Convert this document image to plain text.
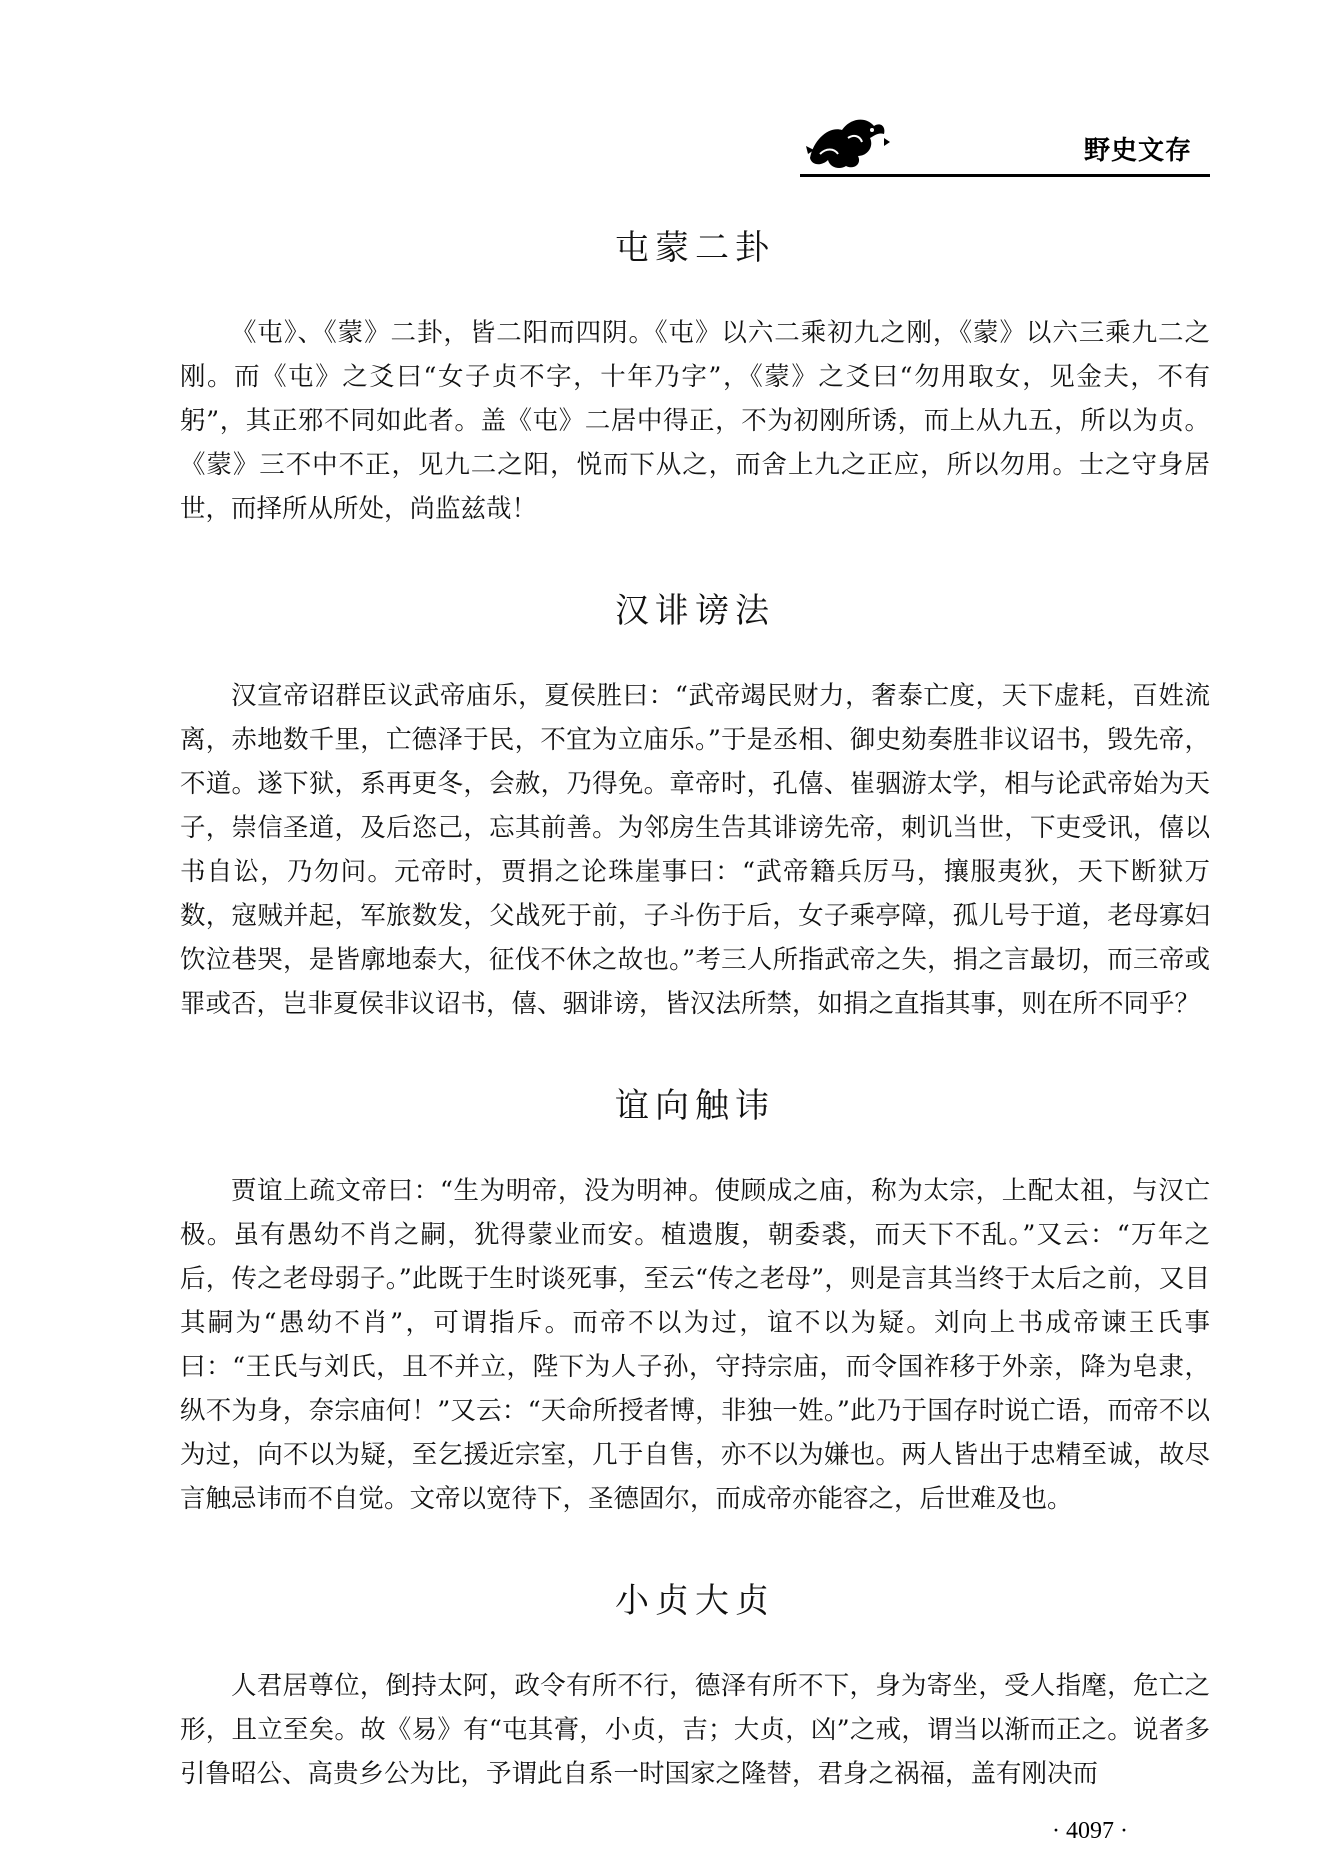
野史文存
屯蒙二卦

《屯》、《蒙》二卦，皆二阳而四阴。《屯》以六二乘初九之刚，《蒙》以六三乘九二之刚。而《屯》之爻曰“女子贞不字，十年乃字”，《蒙》之爻曰“勿用取女，见金夫，不有躬”，其正邪不同如此者。盖《屯》二居中得正，不为初刚所诱，而上从九五，所以为贞。《蒙》三不中不正，见九二之阳，悦而下从之，而舍上九之正应，所以勿用。士之守身居世，而择所从所处，尚监兹哉！

汉诽谤法

汉宣帝诏群臣议武帝庙乐，夏侯胜曰：“武帝竭民财力，奢泰亡度，天下虚耗，百姓流离，赤地数千里，亡德泽于民，不宜为立庙乐。”于是丞相、御史劾奏胜非议诏书，毁先帝，不道。遂下狱，系再更冬，会赦，乃得免。章帝时，孔僖、崔骃游太学，相与论武帝始为天子，崇信圣道，及后恣己，忘其前善。为邻房生告其诽谤先帝，刺讥当世，下吏受讯，僖以书自讼，乃勿问。元帝时，贾捐之论珠崖事曰：“武帝籍兵厉马，攘服夷狄，天下断狱万数，寇贼并起，军旅数发，父战死于前，子斗伤于后，女子乘亭障，孤儿号于道，老母寡妇饮泣巷哭，是皆廓地泰大，征伐不休之故也。”考三人所指武帝之失，捐之言最切，而三帝或罪或否，岂非夏侯非议诏书，僖、骃诽谤，皆汉法所禁，如捐之直指其事，则在所不同乎？

谊向触讳

贾谊上疏文帝曰：“生为明帝，没为明神。使顾成之庙，称为太宗，上配太祖，与汉亡极。虽有愚幼不肖之嗣，犹得蒙业而安。植遗腹，朝委裘，而天下不乱。”又云：“万年之后，传之老母弱子。”此既于生时谈死事，至云“传之老母”，则是言其当终于太后之前，又目其嗣为“愚幼不肖”，可谓指斥。而帝不以为过，谊不以为疑。刘向上书成帝谏王氏事曰：“王氏与刘氏，且不并立，陛下为人子孙，守持宗庙，而令国祚移于外亲，降为皂隶，纵不为身，奈宗庙何！”又云：“天命所授者博，非独一姓。”此乃于国存时说亡语，而帝不以为过，向不以为疑，至乞援近宗室，几于自售，亦不以为嫌也。两人皆出于忠精至诚，故尽言触忌讳而不自觉。文帝以宽待下，圣德固尔，而成帝亦能容之，后世难及也。

小贞大贞

人君居尊位，倒持太阿，政令有所不行，德泽有所不下，身为寄坐，受人指麾，危亡之形，且立至矣。故《易》有“屯其膏，小贞，吉；大贞，凶”之戒，谓当以渐而正之。说者多引鲁昭公、高贵乡公为比，予谓此自系一时国家之隆替，君身之祸福，盖有刚决而

· 4097 ·
